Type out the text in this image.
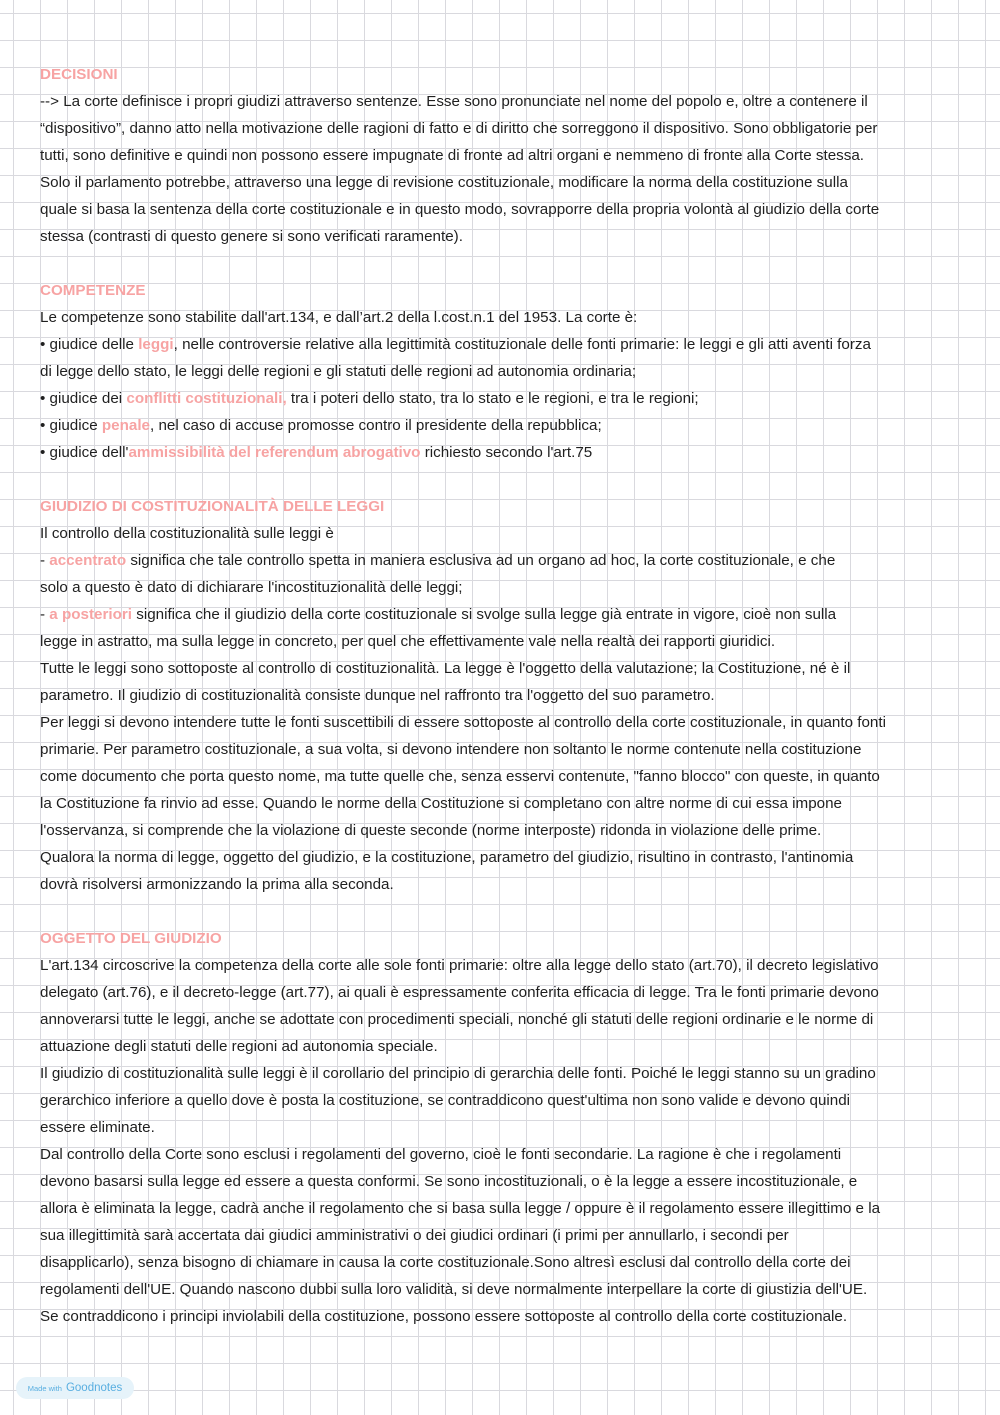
DECISIONI
--> La corte definisce i propri giudizi attraverso sentenze. Esse sono pronunciate nel nome del popolo e, oltre a contenere il
“dispositivo”, danno atto nella motivazione delle ragioni di fatto e di diritto che sorreggono il dispositivo. Sono obbligatorie per
tutti, sono definitive e quindi non possono essere impugnate di fronte ad altri organi e nemmeno di fronte alla Corte stessa.
Solo il parlamento potrebbe, attraverso una legge di revisione costituzionale, modificare la norma della costituzione sulla
quale si basa la sentenza della corte costituzionale e in questo modo, sovrapporre della propria volontà al giudizio della corte
stessa (contrasti di questo genere si sono verificati raramente).
COMPETENZE
Le competenze sono stabilite dall'art.134, e dall’art.2 della l.cost.n.1 del 1953. La corte è:
• giudice delle leggi, nelle controversie relative alla legittimità costituzionale delle fonti primarie: le leggi e gli atti aventi forza
di legge dello stato, le leggi delle regioni e gli statuti delle regioni ad autonomia ordinaria;
• giudice dei conflitti costituzionali, tra i poteri dello stato, tra lo stato e le regioni, e tra le regioni;
• giudice penale, nel caso di accuse promosse contro il presidente della repubblica;
• giudice dell'ammissibilità del referendum abrogativo richiesto secondo l'art.75
GIUDIZIO DI COSTITUZIONALITÀ DELLE LEGGI
Il controllo della costituzionalità sulle leggi è
- accentrato significa che tale controllo spetta in maniera esclusiva ad un organo ad hoc, la corte costituzionale, e che
solo a questo è dato di dichiarare l'incostituzionalità delle leggi;
- a posteriori significa che il giudizio della corte costituzionale si svolge sulla legge già entrate in vigore, cioè non sulla
legge in astratto, ma sulla legge in concreto, per quel che effettivamente vale nella realtà dei rapporti giuridici.
Tutte le leggi sono sottoposte al controllo di costituzionalità. La legge è l'oggetto della valutazione; la Costituzione, né è il
parametro. Il giudizio di costituzionalità consiste dunque nel raffronto tra l'oggetto del suo parametro.
Per leggi si devono intendere tutte le fonti suscettibili di essere sottoposte al controllo della corte costituzionale, in quanto fonti
primarie. Per parametro costituzionale, a sua volta, si devono intendere non soltanto le norme contenute nella costituzione
come documento che porta questo nome, ma tutte quelle che, senza esservi contenute, "fanno blocco" con queste, in quanto
la Costituzione fa rinvio ad esse. Quando le norme della Costituzione si completano con altre norme di cui essa impone
l'osservanza, si comprende che la violazione di queste seconde (norme interposte) ridonda in violazione delle prime.
Qualora la norma di legge, oggetto del giudizio, e la costituzione, parametro del giudizio, risultino in contrasto, l'antinomia
dovrà risolversi armonizzando la prima alla seconda.
OGGETTO DEL GIUDIZIO
L'art.134 circoscrive la competenza della corte alle sole fonti primarie: oltre alla legge dello stato (art.70), il decreto legislativo
delegato (art.76), e il decreto-legge (art.77), ai quali è espressamente conferita efficacia di legge. Tra le fonti primarie devono
annoverarsi tutte le leggi, anche se adottate con procedimenti speciali, nonché gli statuti delle regioni ordinarie e le norme di
attuazione degli statuti delle regioni ad autonomia speciale.
Il giudizio di costituzionalità sulle leggi è il corollario del principio di gerarchia delle fonti. Poiché le leggi stanno su un gradino
gerarchico inferiore a quello dove è posta la costituzione, se contraddicono quest'ultima non sono valide e devono quindi
essere eliminate.
Dal controllo della Corte sono esclusi i regolamenti del governo, cioè le fonti secondarie. La ragione è che i regolamenti
devono basarsi sulla legge ed essere a questa conformi. Se sono incostituzionali, o è la legge a essere incostituzionale, e
allora è eliminata la legge, cadrà anche il regolamento che si basa sulla legge / oppure è il regolamento essere illegittimo e la
sua illegittimità sarà accertata dai giudici amministrativi o dei giudici ordinari (i primi per annullarlo, i secondi per
disapplicarlo), senza bisogno di chiamare in causa la corte costituzionale.Sono altresì esclusi dal controllo della corte dei
regolamenti dell'UE. Quando nascono dubbi sulla loro validità, si deve normalmente interpellare la corte di giustizia dell'UE.
Se contraddicono i principi inviolabili della costituzione, possono essere sottoposte al controllo della corte costituzionale.
Made with Goodnotes
